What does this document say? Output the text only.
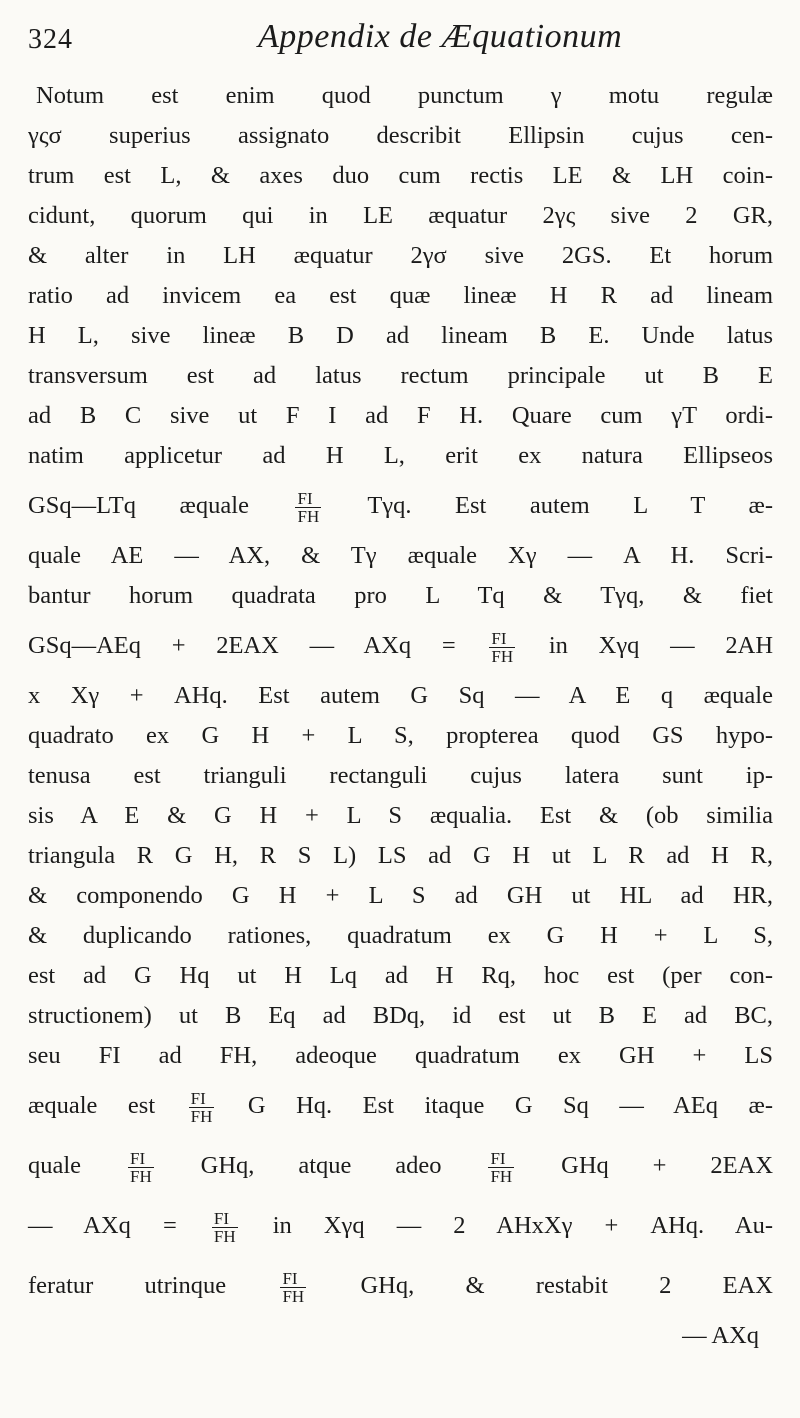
324	Appendix de Æquationum
Notum est enim quod punctum γ motu regulæ
γςσ superius assignato describit Ellipsin cujus cen-
trum est L, & axes duo cum rectis LE & LH coin-
cidunt, quorum qui in LE æquatur 2γς sive 2 GR,
& alter in LH æquatur 2γσ sive 2GS. Et horum
ratio ad invicem ea est quæ lineæ H R ad lineam
H L, sive lineæ B D ad lineam B E. Unde latus
transversum est ad latus rectum principale ut B E
ad B C sive ut F I ad F H. Quare cum γT ordi-
natim applicetur ad H L, erit ex natura Ellipseos
GSq—LTq æquale	$\frac{FI}{FH} T\gamma q$. Est autem L T æ-
quale AE — AX, & Tγ æquale Xγ — A H. Scri-
bantur horum quadrata pro L Tq & Tγq, & fiet
GSq—AEq + 2EAX — AXq = $\frac{FI}{FH}$ in Xγq — 2AH
x Xγ + AHq. Est autem G Sq — A E q æquale
quadrato ex G H + L S, propterea quod GS hypo-
tenusa est trianguli rectanguli cujus latera sunt ip-
sis A E & G H + L S æqualia. Est & (ob similia
triangula R G H, R S L) LS ad G H ut L R ad H R,
& componendo G H + L S ad GH ut HL ad HR,
& duplicando rationes, quadratum ex G H + L S,
est ad G Hq ut H Lq ad H Rq, hoc est (per con-
structionem) ut B Eq ad BDq, id est ut B E ad BC,
seu FI ad FH, adeoque quadratum ex GH + LS
æquale est $\frac{FI}{FH}$ G Hq. Est itaque G Sq — AEq æ-
quale	$\frac{FI}{FH}$ GHq, atque adeo	$\frac{FI}{FH}$ GHq + 2EAX
— AXq = $\frac{FI}{FH}$ in Xγq — 2 AHxXγ + AHq. Au-
feratur utrinque	$\frac{FI}{FH}$ GHq, & restabit 2 EAX
— AXq
